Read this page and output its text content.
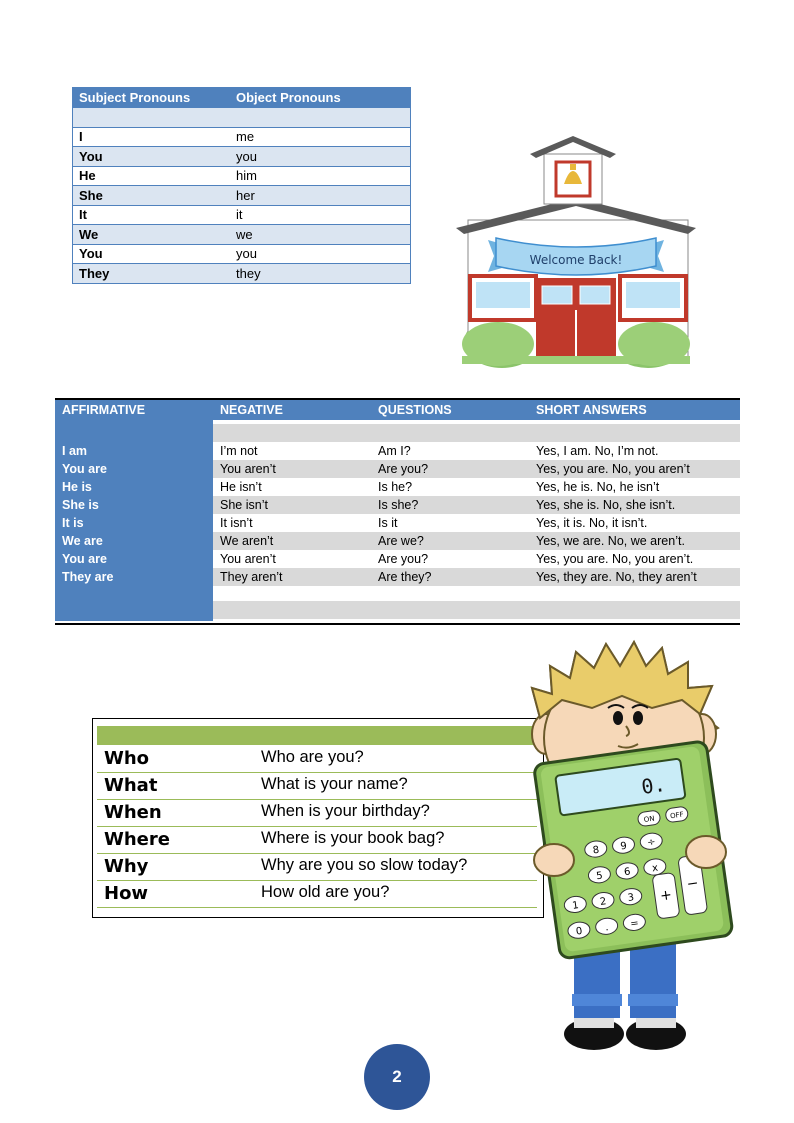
Subject Pronouns	Object Pronouns

I	me
You	you
He	him
She	her
It	it
We	we
You	you
They	they
Welcome Back!
AFFIRMATIVE	NEGATIVE	QUESTIONS	SHORT ANSWERS
I am	I’m not	Am I?	Yes, I am. No, I’m not.
You are	You aren’t	Are you?	Yes, you are. No, you aren’t
He is	He isn’t	Is he?	Yes, he is. No, he isn’t
She is	She isn’t	Is she?	Yes, she is. No, she isn’t.
It is	It isn’t	Is it	Yes, it is. No, it isn’t.
We are	We aren’t	Are we?	Yes, we are. No, we aren’t.
You are	You aren’t	Are you?	Yes, you are. No, you aren’t.
They are	They aren’t	Are they?	Yes, they are. No, they aren’t
Who	Who are you?
What	What is your name?
When	When is your birthday?
Where	Where is your book bag?
Why	Why are you so slow today?
How	How old are you?
0.
ON OFF
8 9 ÷
5 6 x
1 2 3 +
−
0 . =
2
